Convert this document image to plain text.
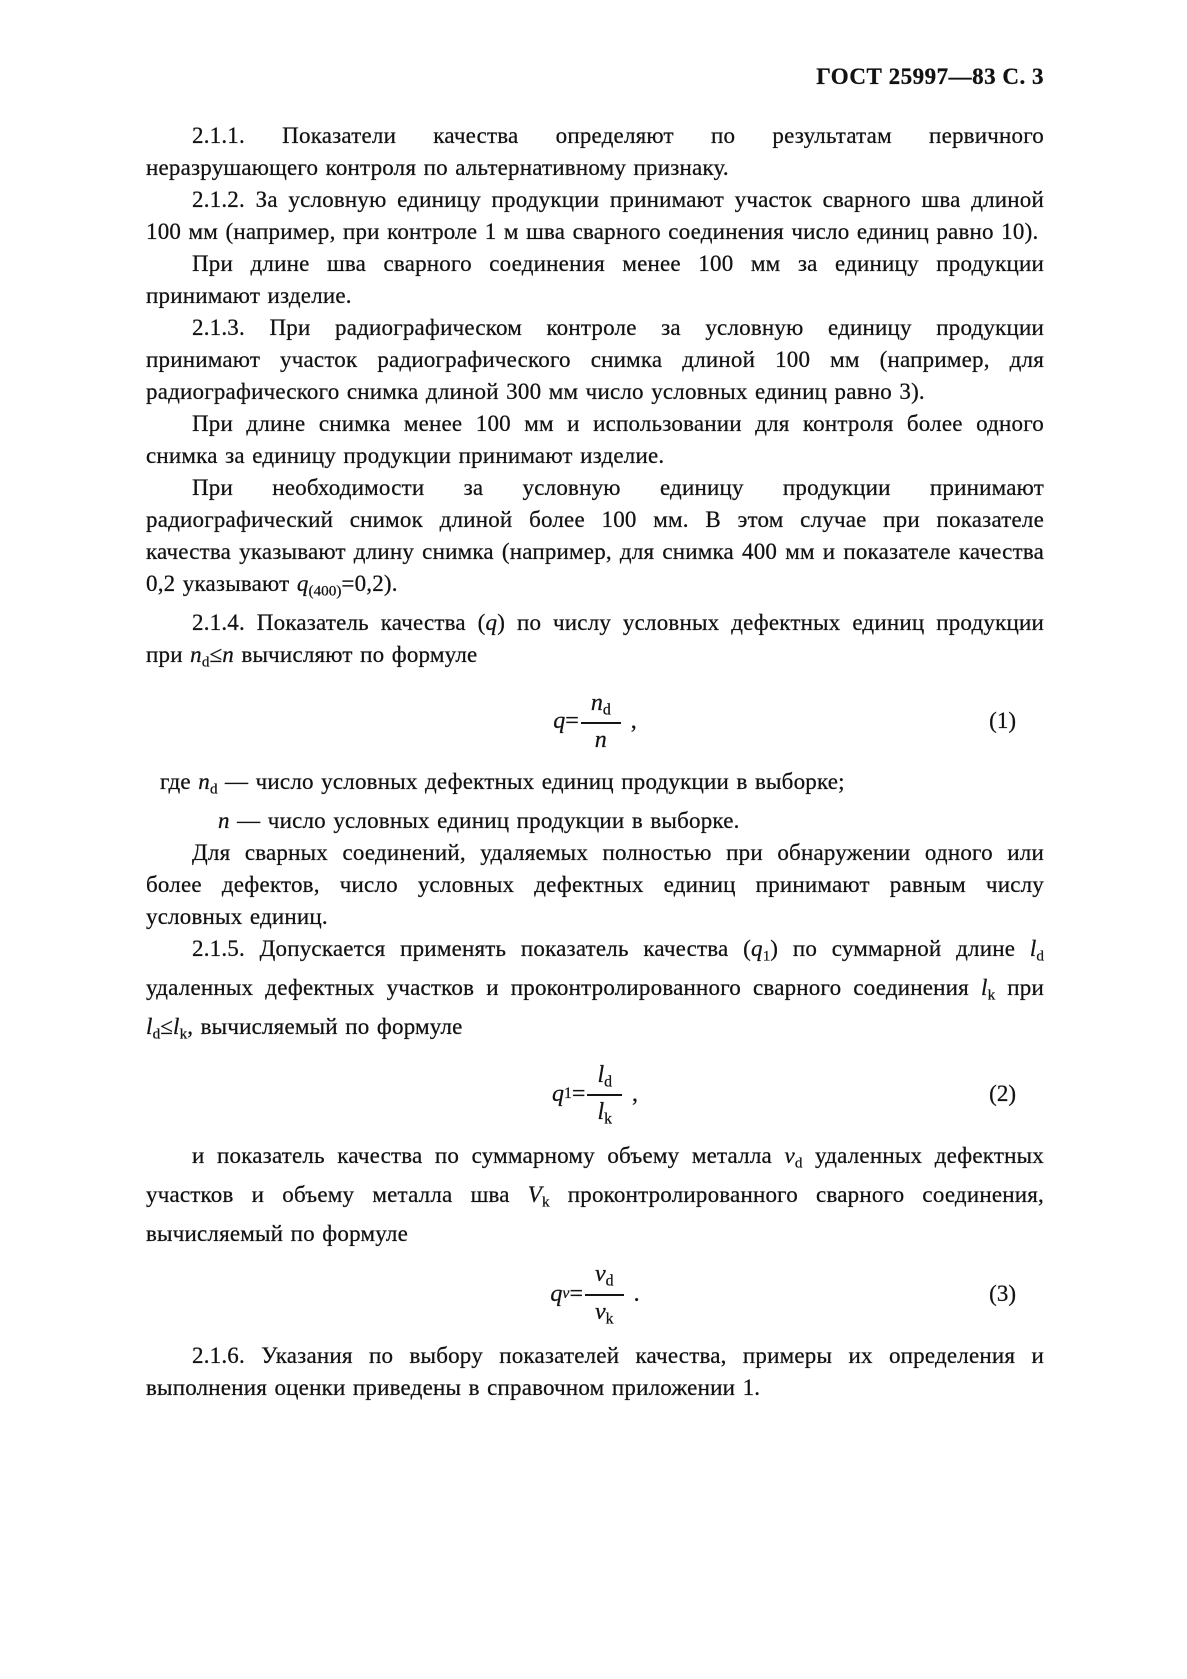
ГОСТ 25997—83 С. 3

2.1.1. Показатели качества определяют по результатам первичного неразрушающего контроля по альтернативному признаку.

2.1.2. За условную единицу продукции принимают участок сварного шва длиной 100 мм (например, при контроле 1 м шва сварного соединения число единиц равно 10).

При длине шва сварного соединения менее 100 мм за единицу продукции принимают изделие.

2.1.3. При радиографическом контроле за условную единицу продукции принимают участок радиографического снимка длиной 100 мм (например, для радиографического снимка длиной 300 мм число условных единиц равно 3).

При длине снимка менее 100 мм и использовании для контроля более одного снимка за единицу продукции принимают изделие.

При необходимости за условную единицу продукции принимают радиографический снимок длиной более 100 мм. В этом случае при показателе качества указывают длину снимка (например, для снимка 400 мм и показателе качества 0,2 указывают $q_{(400)}=0,2$).

2.1.4. Показатель качества (q) по числу условных дефектных единиц продукции при $n_d\le n$ вычисляют по формуле

$q = \frac{n_d}{n}$ ,	(1)

где $n_d$ — число условных дефектных единиц продукции в выборке;

n — число условных единиц продукции в выборке.

Для сварных соединений, удаляемых полностью при обнаружении одного или более дефектов, число условных дефектных единиц принимают равным числу условных единиц.

2.1.5. Допускается применять показатель качества $(q_1)$ по суммарной длине $l_d$ удаленных дефектных участков и проконтролированного сварного соединения $l_k$ при $l_d\le l_k$, вычисляемый по формуле

q $1 = \frac{l_d}{l_k}$ ,	(2)

и показатель качества по суммарному объему металла $v_d$ удаленных дефектных участков и объему металла шва $V_k$ проконтролированного сварного соединения, вычисляемый по формуле

q $v = \frac{v_d}{v_k}$ .	(3)

2.1.6. Указания по выбору показателей качества, примеры их определения и выполнения оценки приведены в справочном приложении 1.
